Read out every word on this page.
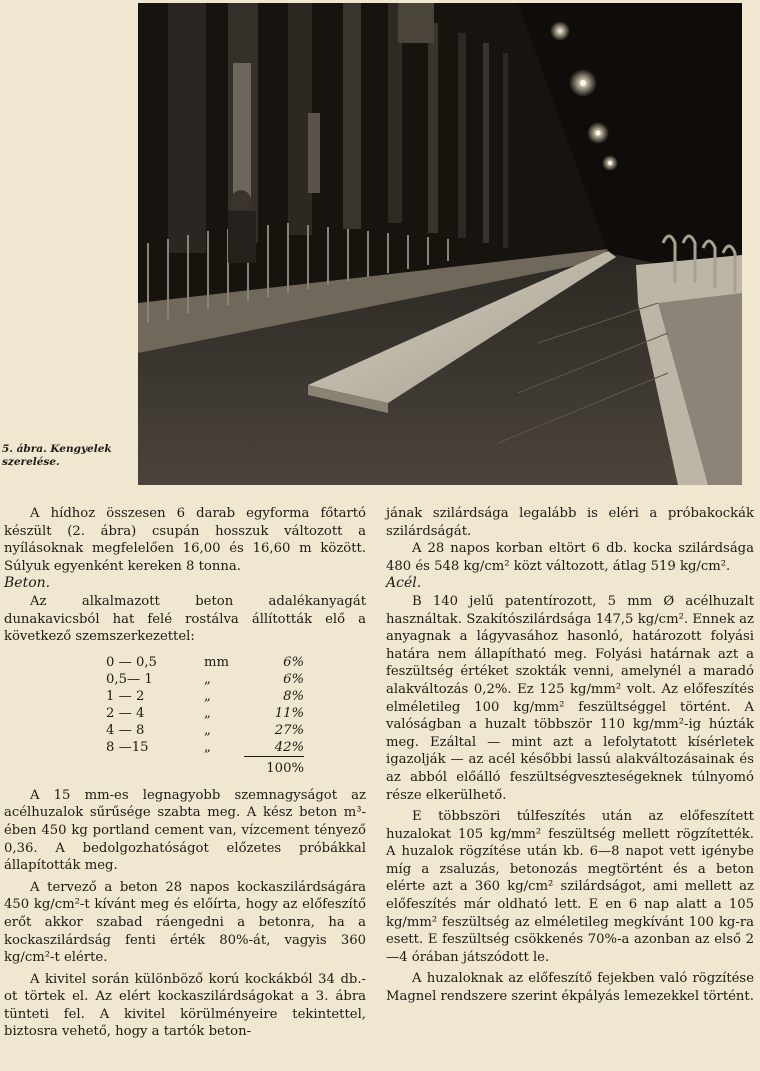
5. ábra. Kengyelek
szerelése.

A hídhoz összesen 6 darab egyforma főtartó készült (2. ábra) csupán hosszuk változott a nyílásoknak megfelelően 16,00 és 16,60 m között. Súlyuk egyenként kereken 8 tonna.

Beton.

Az alkalmazott beton adalékanyagát dunakavicsból hat felé rostálva állították elő a következő szemszerkezettel:

0 — 0,5	mm	6%
0,5— 1	„	6%
1 — 2	„	8%
2 — 4	„	11%
4 — 8	„	27%
8 —15	„	42%
		100%

A 15 mm-es legnagyobb szemnagyságot az acélhuzalok sűrűsége szabta meg. A kész beton m³-ében 450 kg portland cement van, vízcement tényező 0,36. A bedolgozhatóságot előzetes próbákkal állapították meg.

A tervező a beton 28 napos kockaszilárdságára 450 kg/cm²-t kívánt meg és előírta, hogy az előfeszítő erőt akkor szabad ráengedni a betonra, ha a kockaszilárdság fenti érték 80%-át, vagyis 360 kg/cm²-t elérte.

A kivitel során különböző korú kockákból 34 db.-ot törtek el. Az elért kockaszilárdságokat a 3. ábra tünteti fel. A kivitel körülményeire tekintettel, biztosra vehető, hogy a tartók beton-

jának szilárdsága legalább is eléri a próbakockák szilárdságát.

A 28 napos korban eltört 6 db. kocka szilárdsága 480 és 548 kg/cm² közt változott, átlag 519 kg/cm².

Acél.

B 140 jelű patentírozott, 5 mm Ø acélhuzalt használtak. Szakítószilárdsága 147,5 kg/cm². Ennek az anyagnak a lágyvasához hasonló, határozott folyási határa nem állapítható meg. Folyási határnak azt a feszültség értéket szokták venni, amelynél a maradó alakváltozás 0,2%. Ez 125 kg/mm² volt. Az előfeszítés elméletileg 100 kg/mm² feszültséggel történt. A valóságban a huzalt többször 110 kg/mm²-ig húzták meg. Ezáltal — mint azt a lefolytatott kísérletek igazolják — az acél későbbi lassú alakváltozásainak és az abból előálló feszültségveszteségeknek túlnyomó része elkerülhető.

E többszöri túlfeszítés után az előfeszített huzalokat 105 kg/mm² feszültség mellett rögzítették. A huzalok rögzítése után kb. 6—8 napot vett igénybe míg a zsaluzás, betonozás megtörtént és a beton elérte azt a 360 kg/cm² szilárdságot, ami mellett az előfeszítés már oldható lett. E en 6 nap alatt a 105 kg/mm² feszültség az elméletileg megkívánt 100 kg-ra esett. E feszültség csökkenés 70%-a azonban az első 2—4 órában játszódott le.

A huzaloknak az előfeszítő fejekben való rögzítése Magnel rendszere szerint ékpályás lemezekkel történt.
